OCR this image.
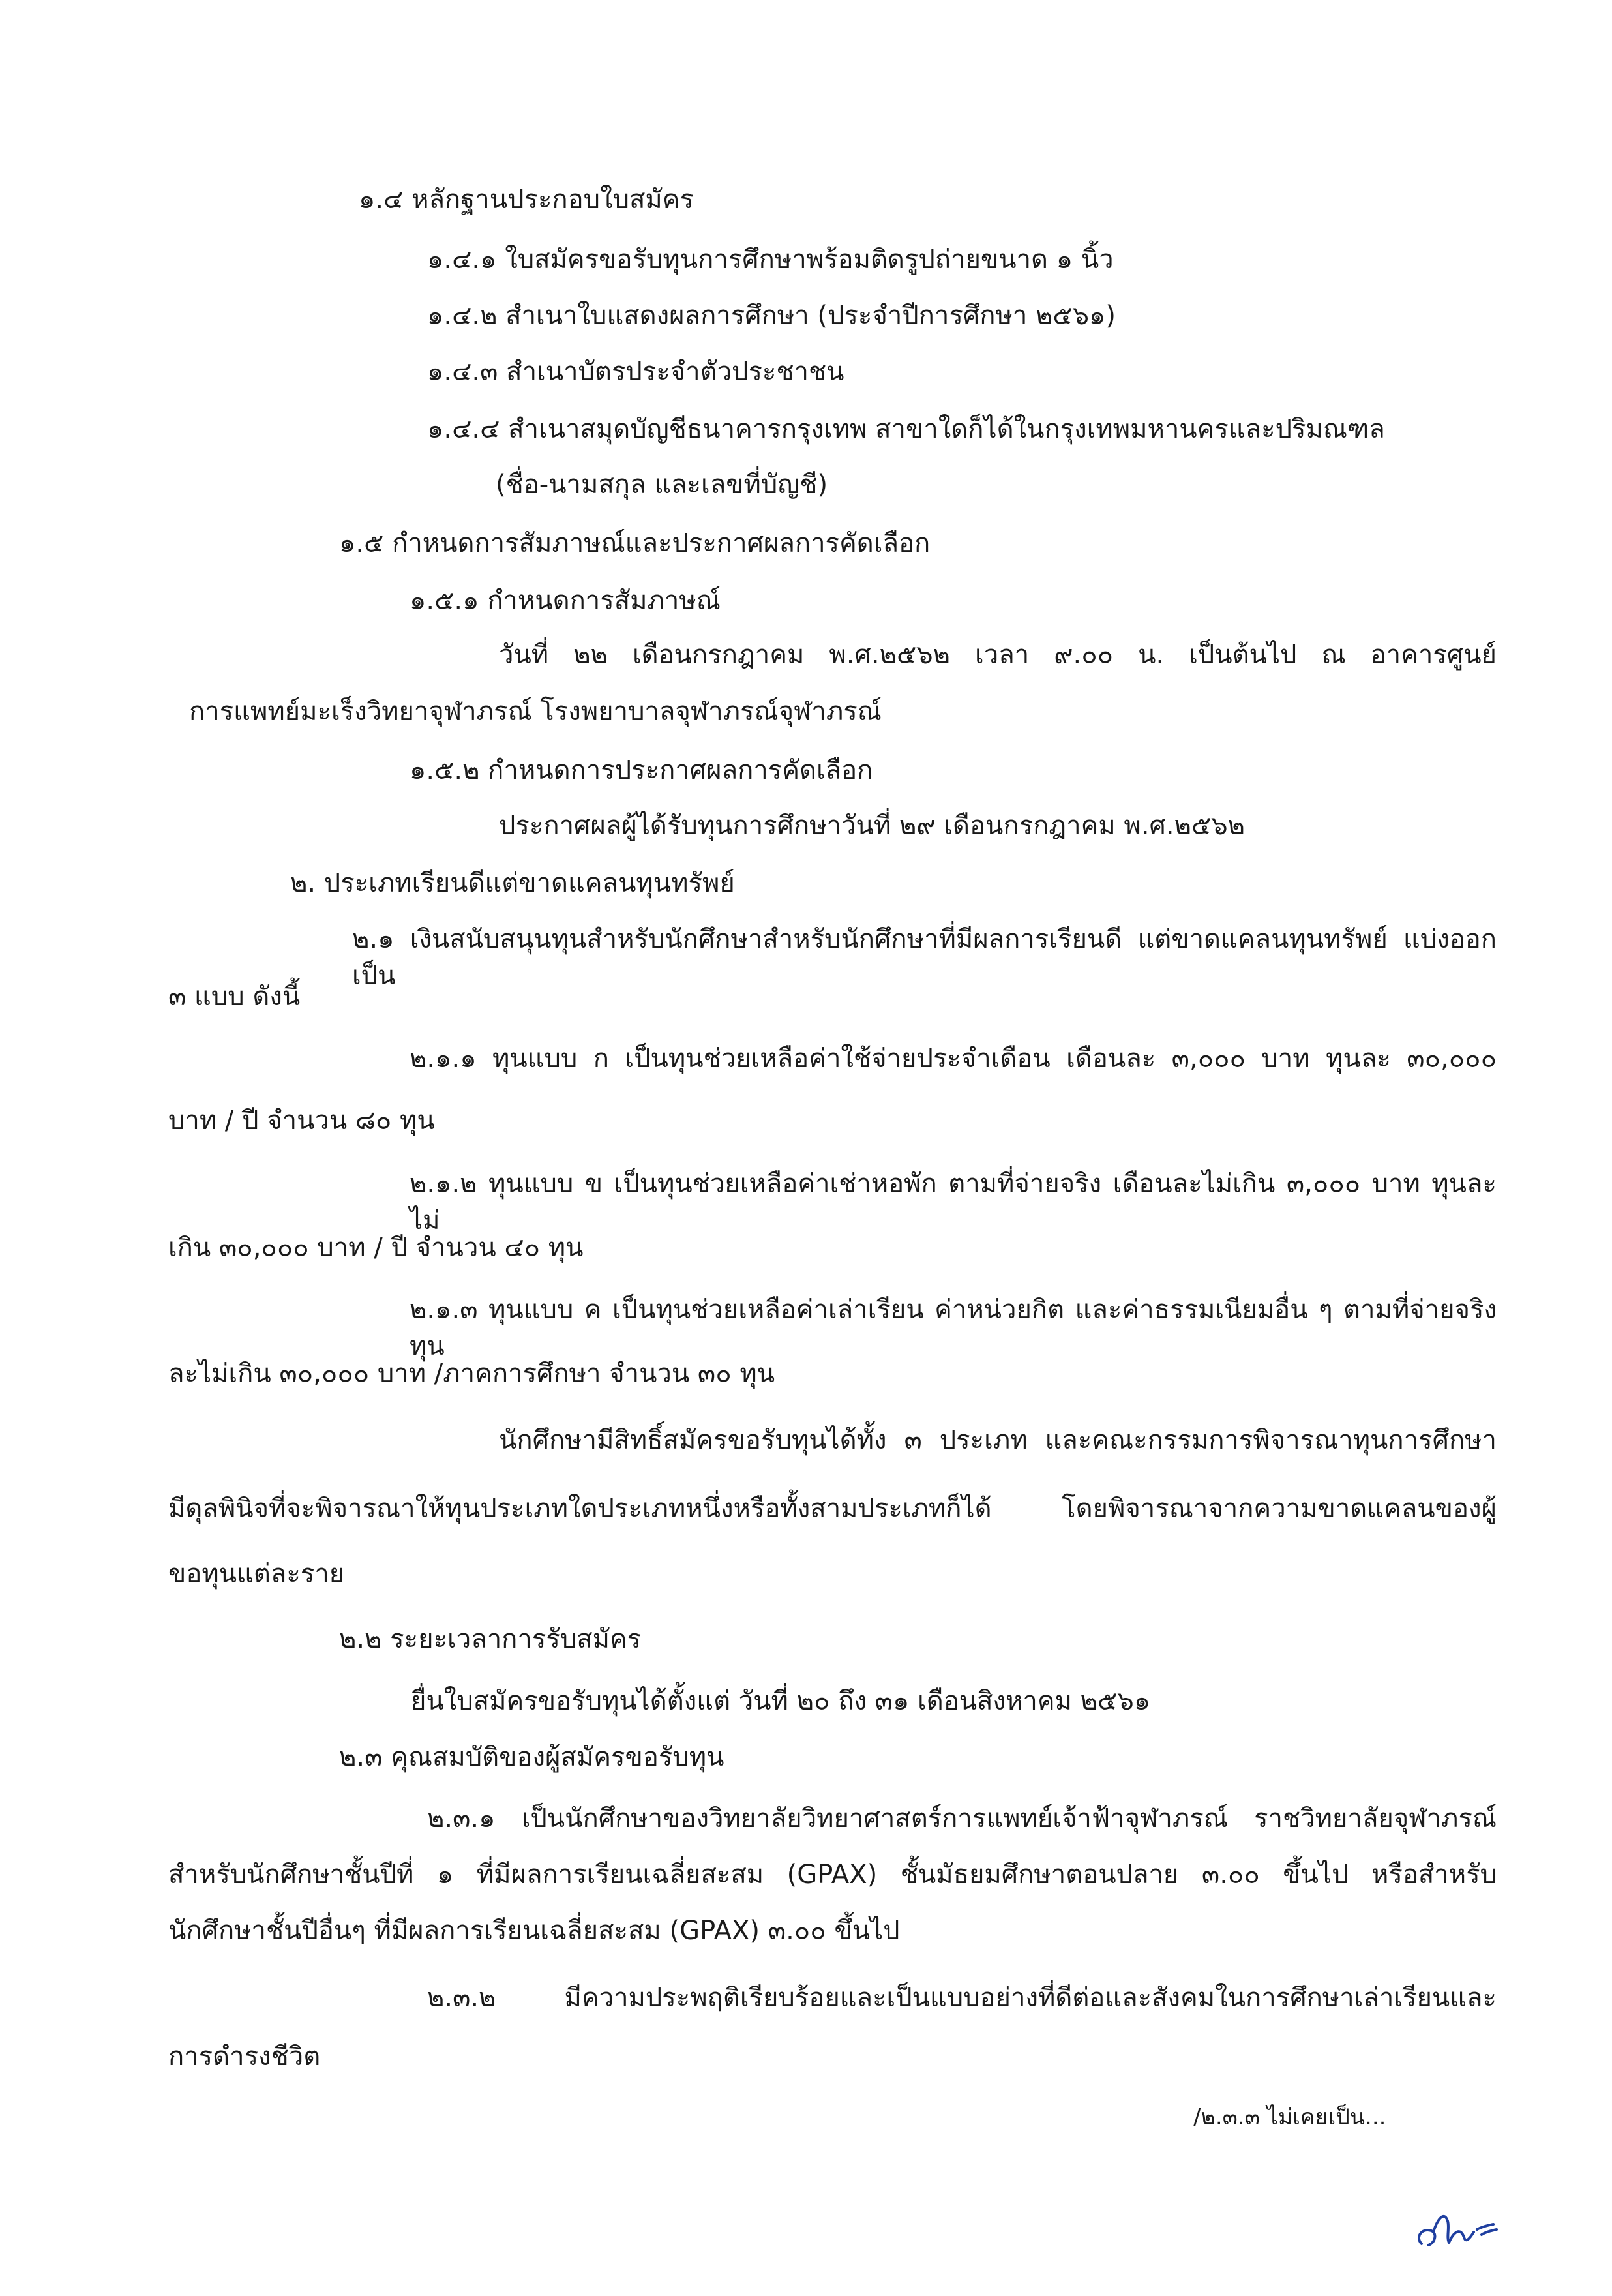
๑.๔ หลักฐานประกอบใบสมัคร
๑.๔.๑ ใบสมัครขอรับทุนการศึกษาพร้อมติดรูปถ่ายขนาด ๑ นิ้ว
๑.๔.๒ สำเนาใบแสดงผลการศึกษา (ประจำปีการศึกษา ๒๕๖๑)
๑.๔.๓ สำเนาบัตรประจำตัวประชาชน
๑.๔.๔ สำเนาสมุดบัญชีธนาคารกรุงเทพ สาขาใดก็ได้ในกรุงเทพมหานครและปริมณฑล
(ชื่อ-นามสกุล และเลขที่บัญชี)
๑.๕ กำหนดการสัมภาษณ์และประกาศผลการคัดเลือก
๑.๕.๑ กำหนดการสัมภาษณ์
วันที่ ๒๒ เดือนกรกฎาคม พ.ศ.๒๕๖๒ เวลา ๙.๐๐ น. เป็นต้นไป ณ อาคารศูนย์
การแพทย์มะเร็งวิทยาจุฬาภรณ์ โรงพยาบาลจุฬาภรณ์จุฬาภรณ์
๑.๕.๒ กำหนดการประกาศผลการคัดเลือก
ประกาศผลผู้ได้รับทุนการศึกษาวันที่ ๒๙ เดือนกรกฎาคม พ.ศ.๒๕๖๒
๒. ประเภทเรียนดีแต่ขาดแคลนทุนทรัพย์
๒.๑ เงินสนับสนุนทุนสำหรับนักศึกษาสำหรับนักศึกษาที่มีผลการเรียนดี แต่ขาดแคลนทุนทรัพย์ แบ่งออกเป็น
๓ แบบ ดังนี้
๒.๑.๑ ทุนแบบ ก เป็นทุนช่วยเหลือค่าใช้จ่ายประจำเดือน เดือนละ ๓,๐๐๐ บาท ทุนละ ๓๐,๐๐๐
บาท / ปี จำนวน ๘๐ ทุน
๒.๑.๒ ทุนแบบ ข เป็นทุนช่วยเหลือค่าเช่าหอพัก ตามที่จ่ายจริง เดือนละไม่เกิน ๓,๐๐๐ บาท ทุนละไม่
เกิน ๓๐,๐๐๐ บาท / ปี จำนวน ๔๐ ทุน
๒.๑.๓ ทุนแบบ ค เป็นทุนช่วยเหลือค่าเล่าเรียน ค่าหน่วยกิต และค่าธรรมเนียมอื่น ๆ ตามที่จ่ายจริง ทุน
ละไม่เกิน ๓๐,๐๐๐ บาท /ภาคการศึกษา จำนวน ๓๐ ทุน
นักศึกษามีสิทธิ์สมัครขอรับทุนได้ทั้ง ๓ ประเภท และคณะกรรมการพิจารณาทุนการศึกษา
มีดุลพินิจที่จะพิจารณาให้ทุนประเภทใดประเภทหนึ่งหรือทั้งสามประเภทก็ได้ โดยพิจารณาจากความขาดแคลนของผู้
ขอทุนแต่ละราย
๒.๒ ระยะเวลาการรับสมัคร
ยื่นใบสมัครขอรับทุนได้ตั้งแต่ วันที่ ๒๐ ถึง ๓๑ เดือนสิงหาคม ๒๕๖๑
๒.๓ คุณสมบัติของผู้สมัครขอรับทุน
๒.๓.๑ เป็นนักศึกษาของวิทยาลัยวิทยาศาสตร์การแพทย์เจ้าฟ้าจุฬาภรณ์ ราชวิทยาลัยจุฬาภรณ์
สำหรับนักศึกษาชั้นปีที่ ๑ ที่มีผลการเรียนเฉลี่ยสะสม (GPAX) ชั้นมัธยมศึกษาตอนปลาย ๓.๐๐ ขึ้นไป หรือสำหรับ
นักศึกษาชั้นปีอื่นๆ ที่มีผลการเรียนเฉลี่ยสะสม (GPAX) ๓.๐๐ ขึ้นไป
๒.๓.๒ มีความประพฤติเรียบร้อยและเป็นแบบอย่างที่ดีต่อและสังคมในการศึกษาเล่าเรียนและ
การดำรงชีวิต
/๒.๓.๓ ไม่เคยเป็น...
